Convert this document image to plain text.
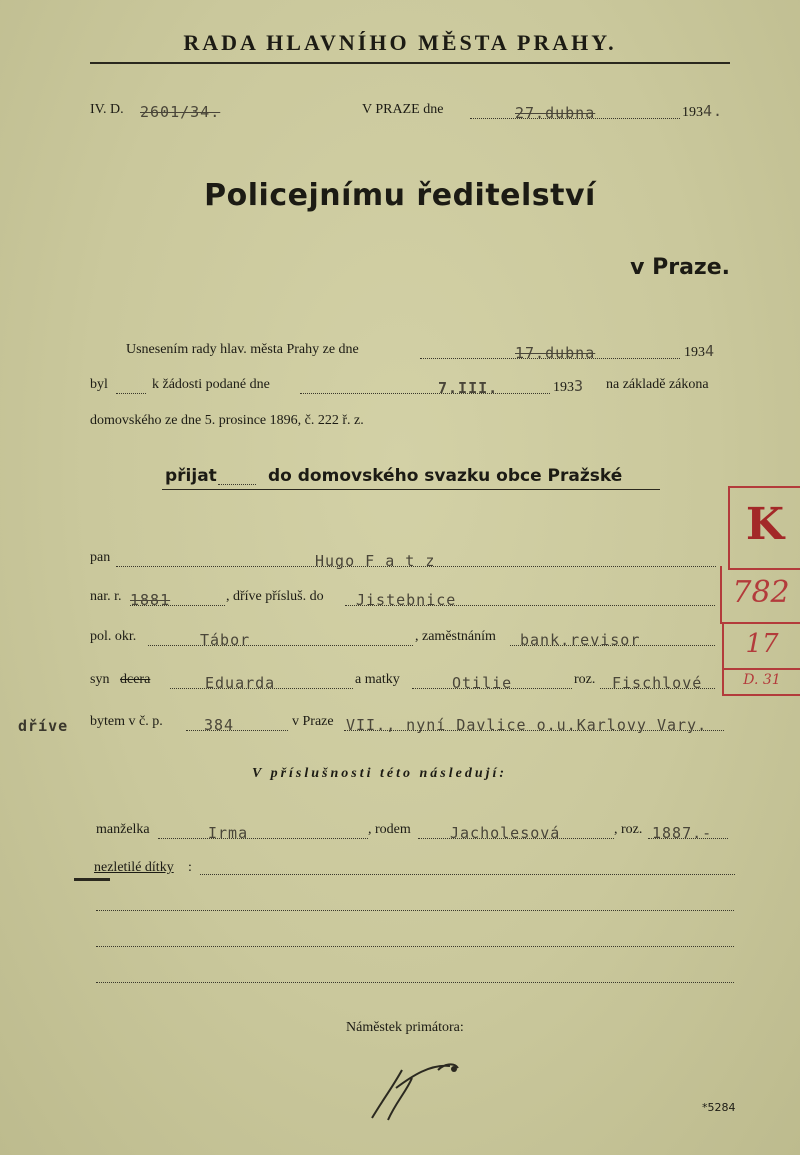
RADA HLAVNÍHO MĚSTA PRAHY.
IV. D. 2601/34.	V PRAZE dne	27.dubna	1934.
Policejnímu ředitelství
v Praze.
Usnesením rady hlav. města Prahy ze dne	17.dubna	1934
byl	k žádosti podané dne	7.III.	1933 na základě zákona
domovského ze dne 5. prosince 1896, č. 222 ř. z.
přijat	do domovského svazku obce Pražské
pan	Hugo F a t z
nar. r. 1881	, dříve přísluš. do Jistebnice
pol. okr.	Tábor	, zaměstnáním bank.revisor
syn dcera	Eduarda	a matky	Otilie	roz. Fischlové
dříve bytem v č. p.	384	v Praze VII., nyní Davlice o.u.Karlovy Vary.
V příslušnosti této následují:
manželka	Irma	, rodem	Jacholesová	, roz. 1887.-
nezletilé dítky :
Náměstek primátora:
*5284
K
782
17
D. 31
